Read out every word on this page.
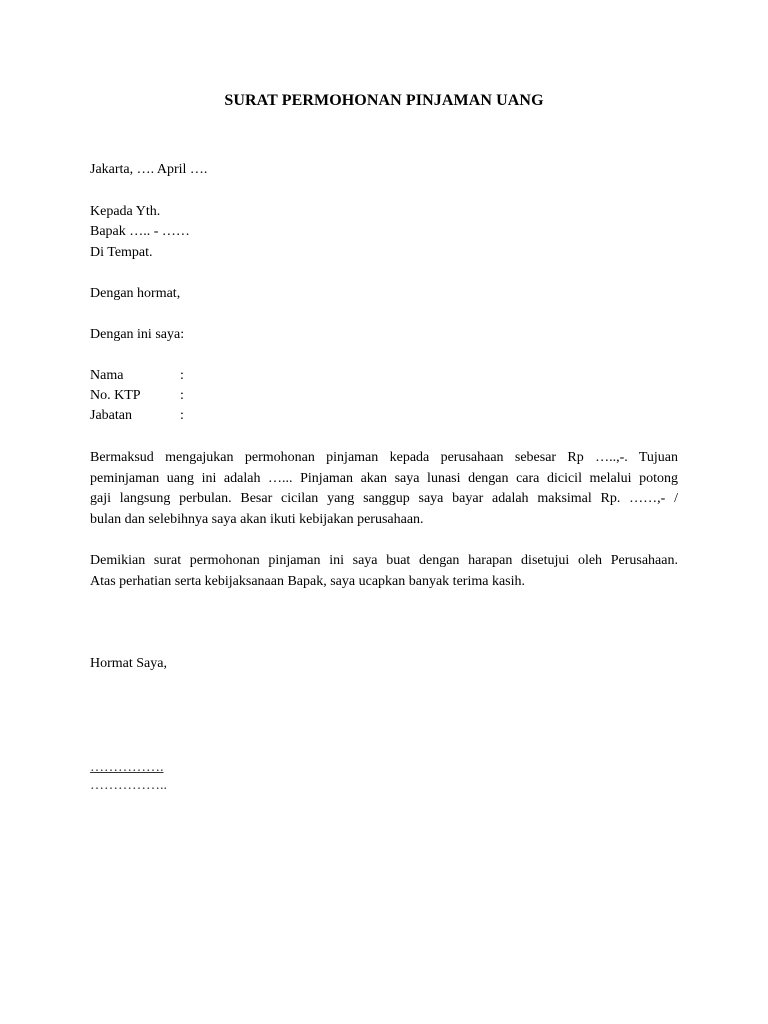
SURAT PERMOHONAN PINJAMAN UANG
Jakarta, …. April ….
Kepada Yth.
Bapak ….. - ……
Di Tempat.
Dengan hormat,
Dengan ini saya:
Nama	:
No. KTP	:
Jabatan	:
Bermaksud mengajukan permohonan pinjaman kepada perusahaan sebesar Rp …..,-. Tujuan
peminjaman uang ini adalah …... Pinjaman akan saya lunasi dengan cara dicicil melalui potong
gaji langsung perbulan. Besar cicilan yang sanggup saya bayar adalah maksimal Rp. ……,- /
bulan dan selebihnya saya akan ikuti kebijakan perusahaan.
Demikian surat permohonan pinjaman ini saya buat dengan harapan disetujui oleh Perusahaan.
Atas perhatian serta kebijaksanaan Bapak, saya ucapkan banyak terima kasih.
Hormat Saya,
…………….
……………..
